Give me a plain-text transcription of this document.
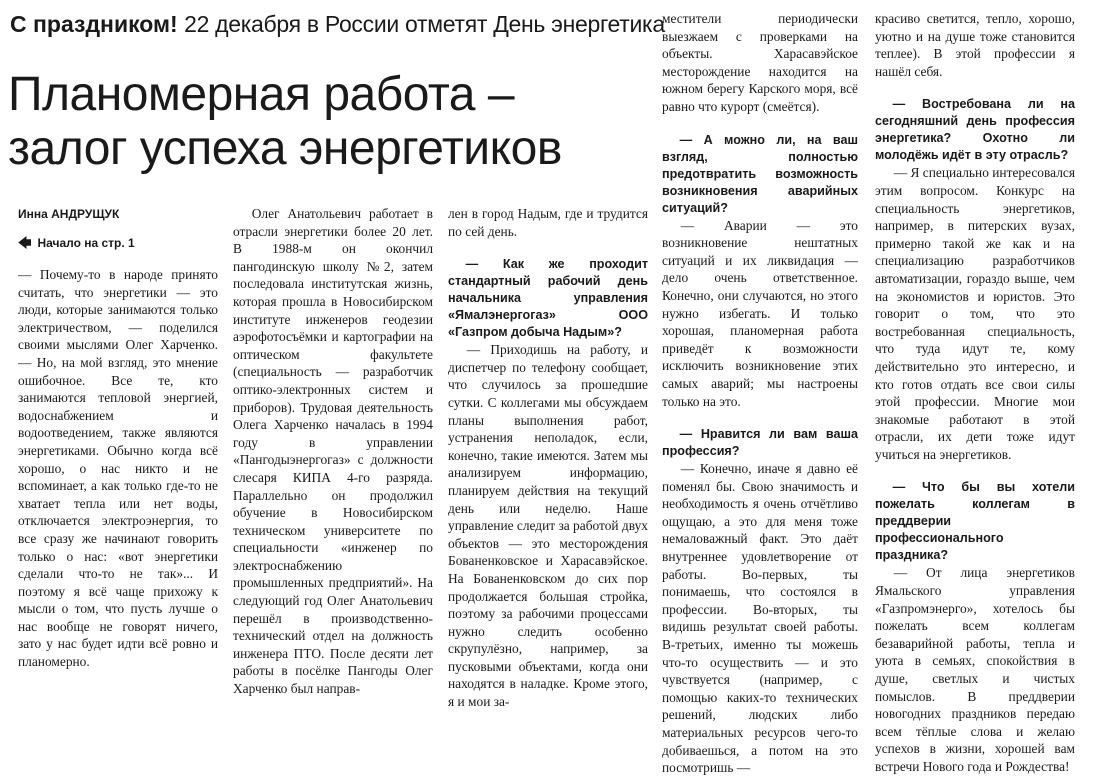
С праздником! 22 декабря в России отметят День энергетика
Планомерная работа –
залог успеха энергетиков
Инна АНДРУЩУК
🡄 Начало на стр. 1

— Почему-то в народе принято считать, что энергетики — это люди, которые занимаются только электричеством, — поделился своими мыслями Олег Харченко. — Но, на мой взгляд, это мнение ошибочное. Все те, кто занимаются тепловой энергией, водоснабжением и водоотведением, также являются энергетиками. Обычно когда всё хорошо, о нас никто и не вспоминает, а как только где-то не хватает тепла или нет воды, отключается электроэнергия, то все сразу же начинают говорить только о нас: «вот энергетики сделали что-то не так»... И поэтому я всё чаще прихожу к мысли о том, что пусть лучше о нас вообще не говорят ничего, зато у нас будет идти всё ровно и планомерно.

Олег Анатольевич работает в отрасли энергетики более 20 лет. В 1988-м он окончил пангодинскую школу №2, затем последовала институтская жизнь, которая прошла в Новосибирском институте инженеров геодезии аэрофотосъёмки и картографии на оптическом факультете (специальность — разработчик оптико-электронных систем и приборов). Трудовая деятельность Олега Харченко началась в 1994 году в управлении «Пангодыэнергогаз» с должности слесаря КИПА 4-го разряда. Параллельно он продолжил обучение в Новосибирском техническом университете по специальности «инженер по электроснабжению промышленных предприятий». На следующий год Олег Анатольевич перешёл в производственно-технический отдел на должность инженера ПТО. После десяти лет работы в посёлке Пангоды Олег Харченко был направ-

лен в город Надым, где и трудится по сей день.

— Как же проходит стандартный рабочий день начальника управления «Ямалэнергогаз» ООО «Газпром добыча Надым»?

— Приходишь на работу, и диспетчер по телефону сообщает, что случилось за прошедшие сутки. С коллегами мы обсуждаем планы выполнения работ, устранения неполадок, если, конечно, такие имеются. Затем мы анализируем информацию, планируем действия на текущий день или неделю. Наше управление следит за работой двух объектов — это месторождения Бованенковское и Харасавэйское. На Бованенковском до сих пор продолжается большая стройка, поэтому за рабочими процессами нужно следить особенно скрупулёзно, например, за пусковыми объектами, когда они находятся в наладке. Кроме этого, я и мои за-

местители периодически выезжаем с проверками на объекты. Харасавэйское месторождение находится на южном берегу Карского моря, всё равно что курорт (смеётся).

— А можно ли, на ваш взгляд, полностью предотвратить возможность возникновения аварийных ситуаций?

— Аварии — это возникновение нештатных ситуаций и их ликвидация — дело очень ответственное. Конечно, они случаются, но этого нужно избегать. И только хорошая, планомерная работа приведёт к возможности исключить возникновение этих самых аварий; мы настроены только на это.

— Нравится ли вам ваша профессия?

— Конечно, иначе я давно её поменял бы. Свою значимость и необходимость я очень отчётливо ощущаю, а это для меня тоже немаловажный факт. Это даёт внутреннее удовлетворение от работы. Во-первых, ты понимаешь, что состоялся в профессии. Во-вторых, ты видишь результат своей работы. В-третьих, именно ты можешь что-то осуществить — и это чувствуется (например, с помощью каких-то технических решений, людских либо материальных ресурсов чего-то добиваешься, а потом на это посмотришь —

красиво светится, тепло, хорошо, уютно и на душе тоже становится теплее). В этой профессии я нашёл себя.

— Востребована ли на сегодняшний день профессия энергетика? Охотно ли молодёжь идёт в эту отрасль?

— Я специально интересовался этим вопросом. Конкурс на специальность энергетиков, например, в питерских вузах, примерно такой же как и на специализацию разработчиков автоматизации, гораздо выше, чем на экономистов и юристов. Это говорит о том, что это востребованная специальность, что туда идут те, кому действительно это интересно, и кто готов отдать все свои силы этой профессии. Многие мои знакомые работают в этой отрасли, их дети тоже идут учиться на энергетиков.

— Что бы вы хотели пожелать коллегам в преддверии профессионального праздника?

— От лица энергетиков Ямальского управления «Газпромэнерго», хотелось бы пожелать всем коллегам безаварийной работы, тепла и уюта в семьях, спокойствия в душе, светлых и чистых помыслов. В преддверии новогодних праздников передаю всем тёплые слова и желаю успехов в жизни, хорошей вам встречи Нового года и Рождества!
